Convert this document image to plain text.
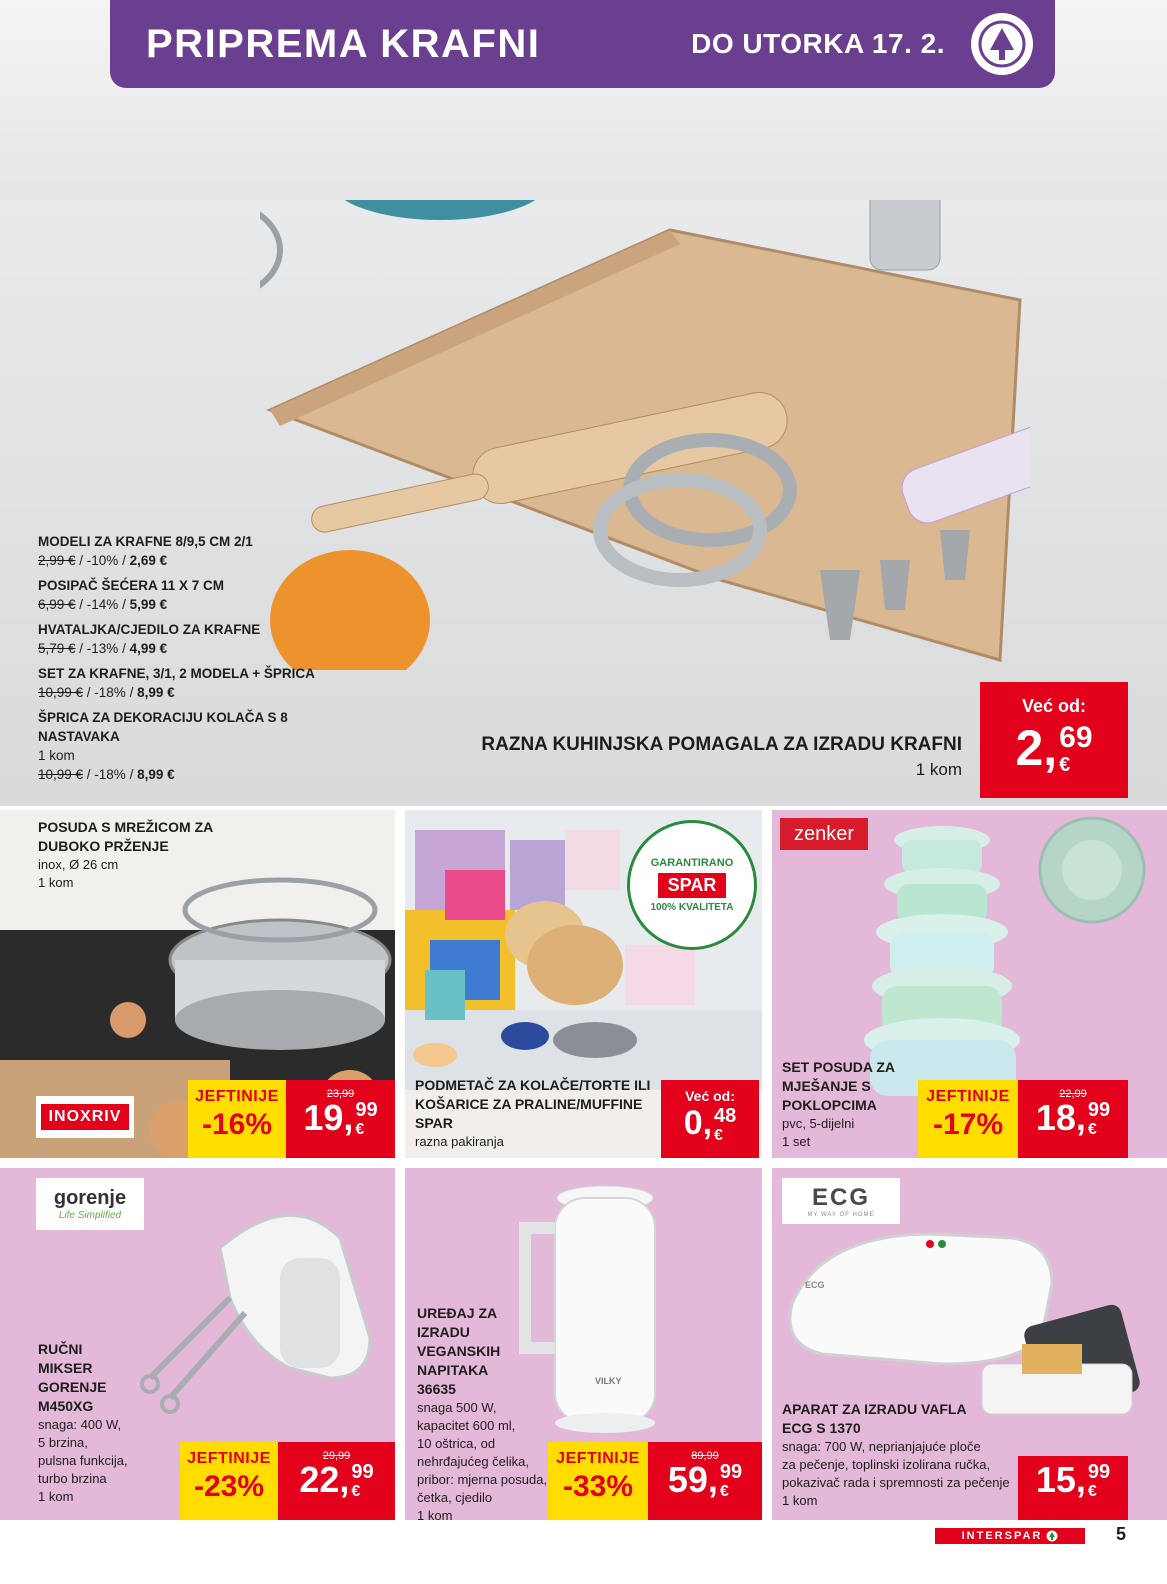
MODELI ZA KRAFNE 8/9,5 CM 2/1
2,99 € / -10% / 2,69 €
POSIPAČ ŠEĆERA 11 X 7 CM
6,99 € / -14% / 5,99 €
HVATALJKA/CJEDILO ZA KRAFNE
5,79 € / -13% / 4,99 €
SET ZA KRAFNE, 3/1, 2 MODELA + ŠPRICA
10,99 € / -18% / 8,99 €
ŠPRICA ZA DEKORACIJU KOLAČA S 8 NASTAVAKA
1 kom
10,99 € / -18% / 8,99 €
RAZNA KUHINJSKA POMAGALA ZA IZRADU KRAFNI
1 kom
Već od:
2, 69
€
PRIPREMA KRAFNI	DO UTORKA 17. 2.
POSUDA S MREŽICOM ZA DUBOKO PRŽENJE
inox, Ø 26 cm
1 kom
INOXRIV
JEFTINIJE
-16%
23,99
19, 99
€
GARANTIRANO
SPAR
100% KVALITETA
PODMETAČ ZA KOLAČE/TORTE ILI KOŠARICE ZA PRALINE/MUFFINE SPAR
razna pakiranja
Već od:
0, 48
€
zenker
SET POSUDA ZA MJEŠANJE S POKLOPCIMA
pvc, 5-dijelni
1 set
JEFTINIJE
-17%
22,99
18, 99
€
gorenje
Life Simplified
RUČNI MIKSER GORENJE M450XG
snaga: 400 W,
5 brzina,
pulsna funkcija,
turbo brzina
1 kom
JEFTINIJE
-23%
29,99
22, 99
€
VILKY
UREĐAJ ZA IZRADU VEGANSKIH NAPITAKA 36635
snaga 500 W,
kapacitet 600 ml,
10 oštrica, od
nehrđajućeg čelika,
pribor: mjerna posuda,
četka, cjedilo
1 kom
JEFTINIJE
-33%
89,99
59, 99
€
ECG
MY WAY OF HOME
ECG
APARAT ZA IZRADU VAFLA ECG S 1370
snaga: 700 W, neprianjajuće ploče
za pečenje, toplinski izolirana ručka,
pokazivač rada i spremnosti za pečenje
1 kom
15, 99
€
INTERSPAR	5
